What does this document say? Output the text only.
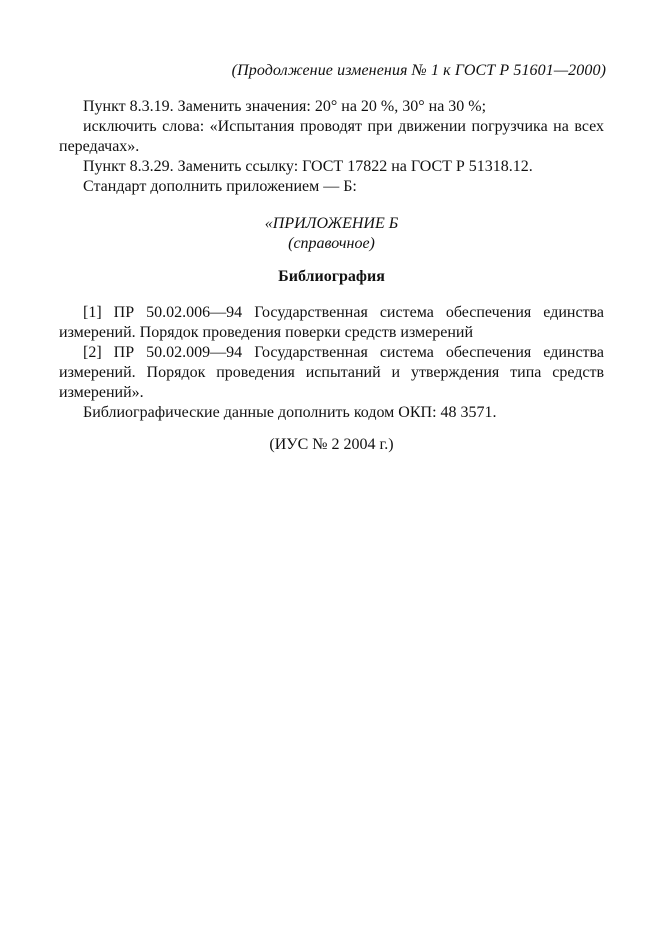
(Продолжение изменения № 1 к ГОСТ Р 51601—2000)

Пункт 8.3.19. Заменить значения: 20° на 20 %, 30° на 30 %;

исключить слова: «Испытания проводят при движении погрузчика на всех передачах».

Пункт 8.3.29. Заменить ссылку: ГОСТ 17822 на ГОСТ Р 51318.12.

Стандарт дополнить приложением — Б:

«ПРИЛОЖЕНИЕ Б
(справочное)
Библиография

[1] ПР 50.02.006—94 Государственная система обеспечения единства измерений. Порядок проведения поверки средств измерений

[2] ПР 50.02.009—94 Государственная система обеспечения единства измерений. Порядок проведения испытаний и утверждения типа средств измерений».

Библиографические данные дополнить кодом ОКП: 48 3571.

(ИУС № 2 2004 г.)
